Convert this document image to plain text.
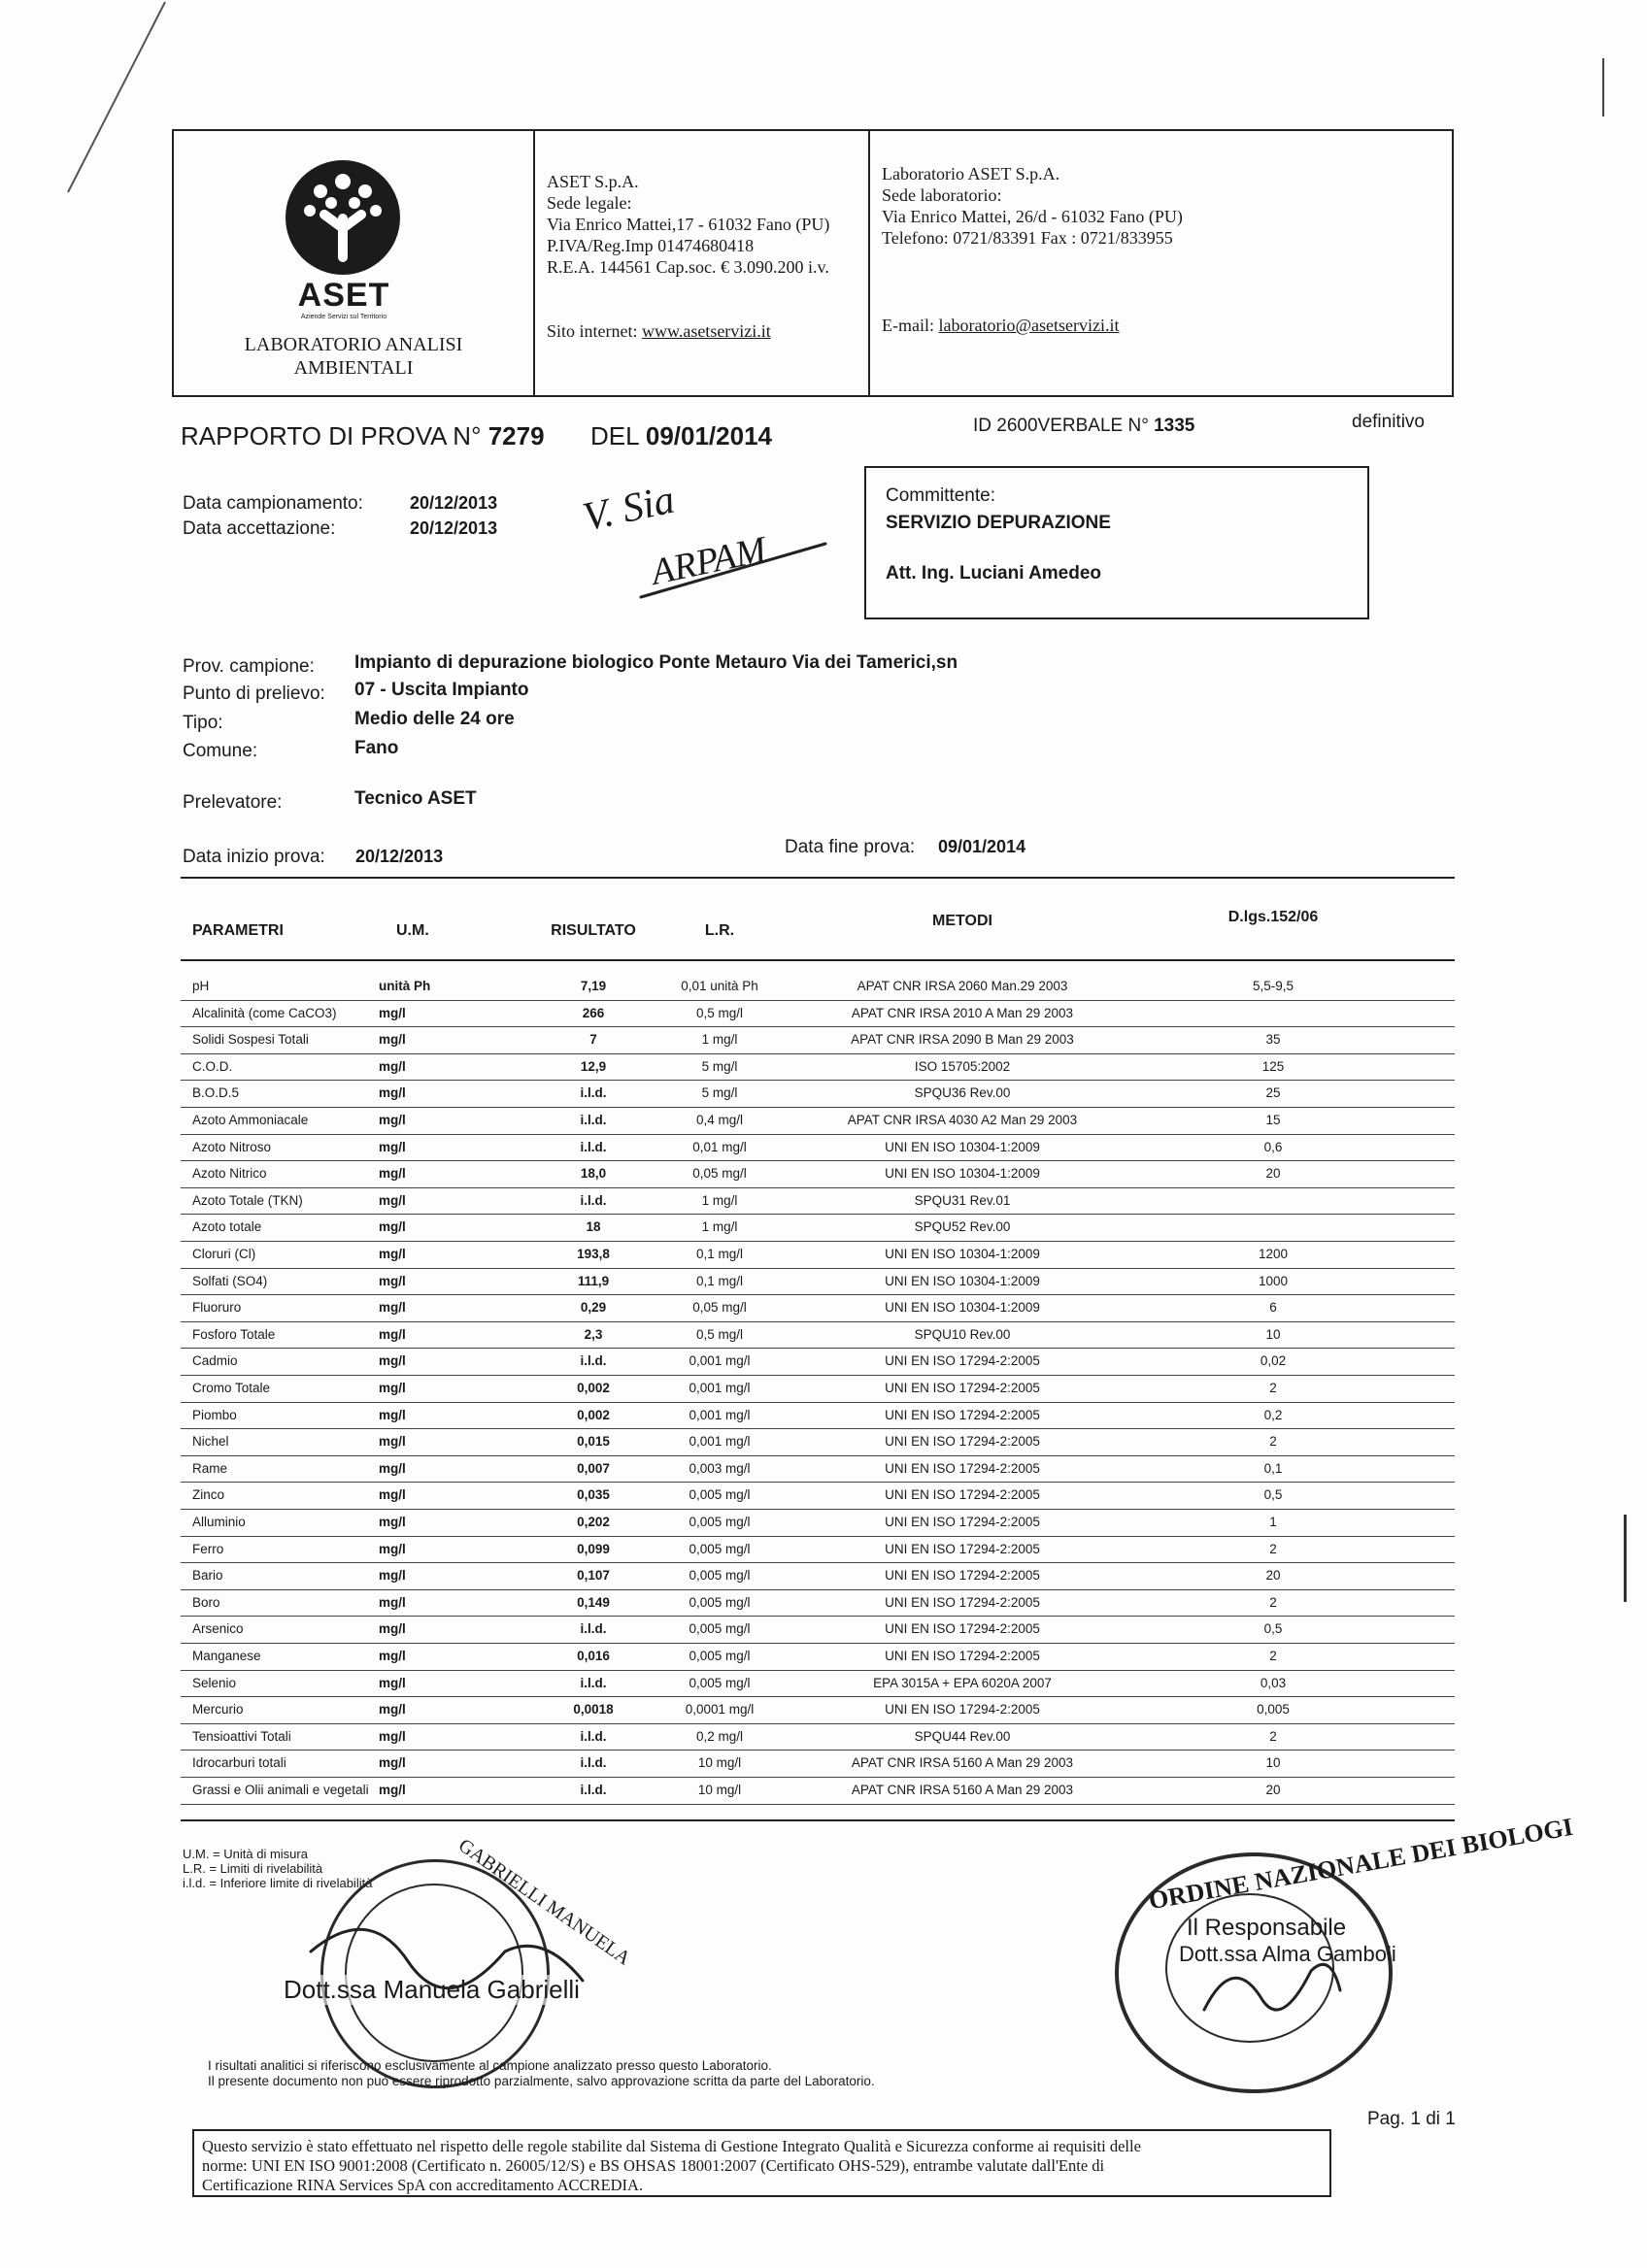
ASET
Aziende Servizi sul Territorio
LABORATORIO ANALISI AMBIENTALI
ASET S.p.A.
Sede legale:
Via Enrico Mattei,17 - 61032 Fano (PU)
P.IVA/Reg.Imp 01474680418
R.E.A. 144561 Cap.soc. € 3.090.200 i.v.
Sito internet: www.asetservizi.it
Laboratorio ASET S.p.A.
Sede laboratorio:
Via Enrico Mattei, 26/d - 61032 Fano (PU)
Telefono: 0721/83391 Fax : 0721/833955
E-mail: laboratorio@asetservizi.it
RAPPORTO DI PROVA N° 7279 DEL 09/01/2014	ID 2600VERBALE N° 1335	definitivo
Data campionamento:	20/12/2013
Data accettazione:	20/12/2013 V. Sia
ARPAM
Committente:
SERVIZIO DEPURAZIONE
Att. Ing. Luciani Amedeo
Prov. campione: Impianto di depurazione biologico Ponte Metauro Via dei Tamerici,sn
Punto di prelievo: 07 - Uscita Impianto
Tipo:	Medio delle 24 ore
Comune:	Fano
Prelevatore:	Tecnico ASET
Data inizio prova: 20/12/2013	Data fine prova: 09/01/2014
PARAMETRI	U.M.	RISULTATO	L.R.
METODI	D.lgs.152/06
pH	unità Ph	7,19	0,01 unità Ph	APAT CNR IRSA 2060 Man.29 2003	5,5-9,5
Alcalinità (come CaCO3)	mg/l	266	0,5 mg/l	APAT CNR IRSA 2010 A Man 29 2003
Solidi Sospesi Totali	mg/l	7	1 mg/l	APAT CNR IRSA 2090 B Man 29 2003	35
C.O.D.	mg/l	12,9	5 mg/l	ISO 15705:2002	125
B.O.D.5	mg/l	i.l.d.	5 mg/l	SPQU36 Rev.00	25
Azoto Ammoniacale	mg/l	i.l.d.	0,4 mg/l	APAT CNR IRSA 4030 A2 Man 29 2003	15
Azoto Nitroso	mg/l	i.l.d.	0,01 mg/l	UNI EN ISO 10304-1:2009	0,6
Azoto Nitrico	mg/l	18,0	0,05 mg/l	UNI EN ISO 10304-1:2009	20
Azoto Totale (TKN)	mg/l	i.l.d.	1 mg/l	SPQU31 Rev.01
Azoto totale	mg/l	18	1 mg/l	SPQU52 Rev.00
Cloruri (Cl)	mg/l	193,8	0,1 mg/l	UNI EN ISO 10304-1:2009	1200
Solfati (SO4)	mg/l	111,9	0,1 mg/l	UNI EN ISO 10304-1:2009	1000
Fluoruro	mg/l	0,29	0,05 mg/l	UNI EN ISO 10304-1:2009	6
Fosforo Totale	mg/l	2,3	0,5 mg/l	SPQU10 Rev.00	10
Cadmio	mg/l	i.l.d.	0,001 mg/l	UNI EN ISO 17294-2:2005	0,02
Cromo Totale	mg/l	0,002	0,001 mg/l	UNI EN ISO 17294-2:2005	2
Piombo	mg/l	0,002	0,001 mg/l	UNI EN ISO 17294-2:2005	0,2
Nichel	mg/l	0,015	0,001 mg/l	UNI EN ISO 17294-2:2005	2
Rame	mg/l	0,007	0,003 mg/l	UNI EN ISO 17294-2:2005	0,1
Zinco	mg/l	0,035	0,005 mg/l	UNI EN ISO 17294-2:2005	0,5
Alluminio	mg/l	0,202	0,005 mg/l	UNI EN ISO 17294-2:2005	1
Ferro	mg/l	0,099	0,005 mg/l	UNI EN ISO 17294-2:2005	2
Bario	mg/l	0,107	0,005 mg/l	UNI EN ISO 17294-2:2005	20
Boro	mg/l	0,149	0,005 mg/l	UNI EN ISO 17294-2:2005	2
Arsenico	mg/l	i.l.d.	0,005 mg/l	UNI EN ISO 17294-2:2005	0,5
Manganese	mg/l	0,016	0,005 mg/l	UNI EN ISO 17294-2:2005	2
Selenio	mg/l	i.l.d.	0,005 mg/l	EPA 3015A + EPA 6020A 2007	0,03
Mercurio	mg/l	0,0018	0,0001 mg/l	UNI EN ISO 17294-2:2005	0,005
Tensioattivi Totali	mg/l	i.l.d.	0,2 mg/l	SPQU44 Rev.00	2
Idrocarburi totali	mg/l	i.l.d.	10 mg/l	APAT CNR IRSA 5160 A Man 29 2003	10
Grassi e Olii animali e vegetali mg/l	i.l.d.	10 mg/l	APAT CNR IRSA 5160 A Man 29 2003	20
U.M. = Unità di misura
L.R. = Limiti di rivelabilità
i.l.d. = Inferiore limite di rivelabilità	GABRIELLI MANUELA
Dott.ssa Manuela Gabrielli
ORDINE NAZIONALE DEI BIOLOGI
Il Responsabile
Dott.ssa Alma Gamboli
I risultati analitici si riferiscono esclusivamente al campione analizzato presso questo Laboratorio.
Il presente documento non può essere riprodotto parzialmente, salvo approvazione scritta da parte del Laboratorio.
Pag. 1 di 1
Questo servizio è stato effettuato nel rispetto delle regole stabilite dal Sistema di Gestione Integrato Qualità e Sicurezza conforme ai requisiti delle
norme: UNI EN ISO 9001:2008 (Certificato n. 26005/12/S) e BS OHSAS 18001:2007 (Certificato OHS-529), entrambe valutate dall'Ente di
Certificazione RINA Services SpA con accreditamento ACCREDIA.
